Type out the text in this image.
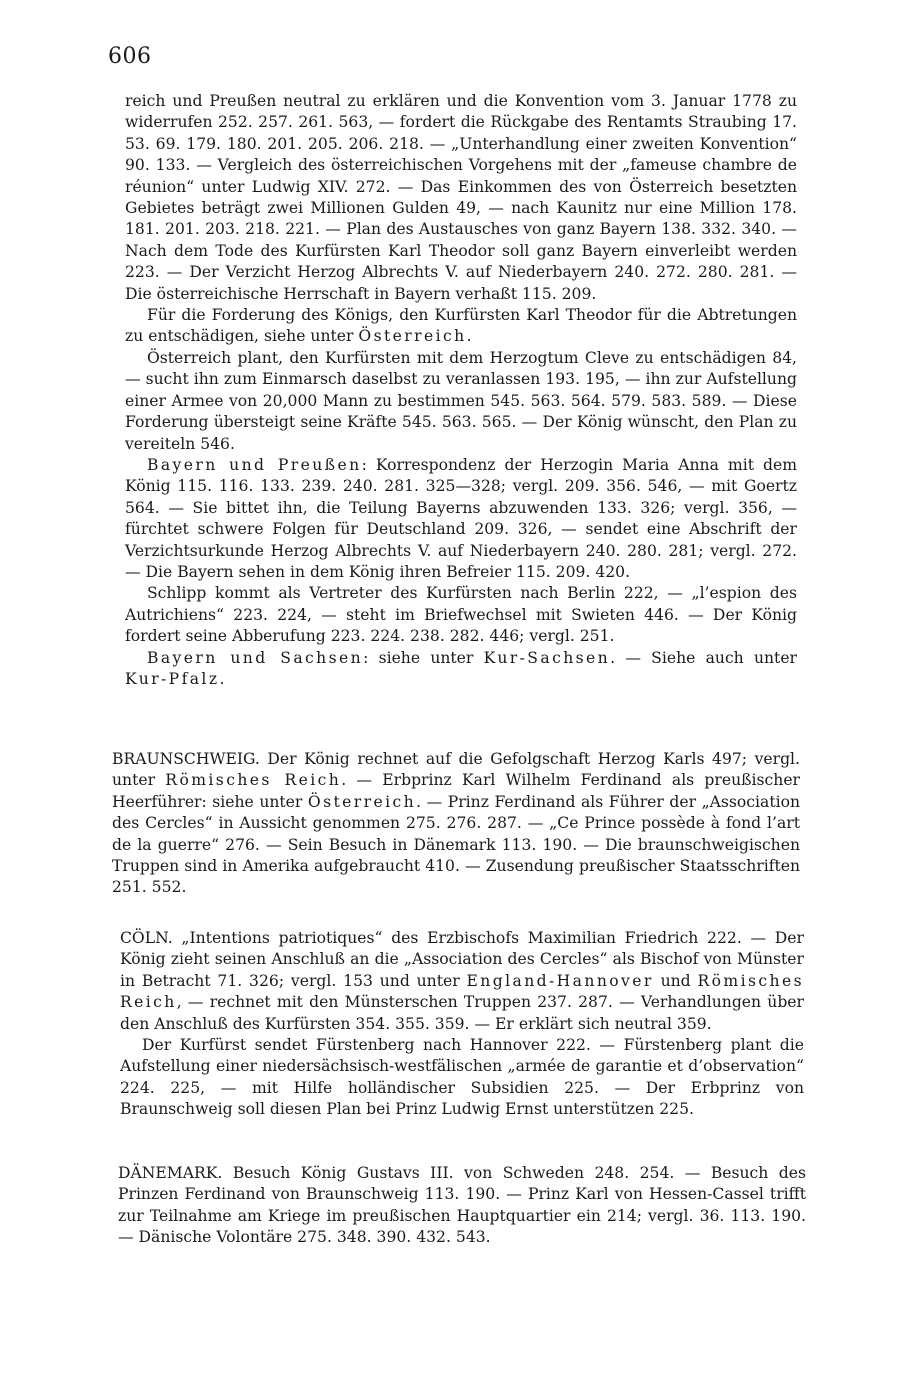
606

reich und Preußen neutral zu erklären und die Konvention vom 3. Januar 1778 zu widerrufen 252. 257. 261. 563, — fordert die Rückgabe des Rentamts Straubing 17. 53. 69. 179. 180. 201. 205. 206. 218. — „Unterhandlung einer zweiten Konvention“ 90. 133. — Vergleich des österreichischen Vorgehens mit der „fameuse chambre de réunion“ unter Ludwig XIV. 272. — Das Einkommen des von Österreich besetzten Gebietes beträgt zwei Millionen Gulden 49, — nach Kaunitz nur eine Million 178. 181. 201. 203. 218. 221. — Plan des Austausches von ganz Bayern 138. 332. 340. — Nach dem Tode des Kurfürsten Karl Theodor soll ganz Bayern einverleibt werden 223. — Der Verzicht Herzog Albrechts V. auf Niederbayern 240. 272. 280. 281. — Die österreichische Herrschaft in Bayern verhaßt 115. 209.

Für die Forderung des Königs, den Kurfürsten Karl Theodor für die Abtretungen zu entschädigen, siehe unter Österreich.

Österreich plant, den Kurfürsten mit dem Herzogtum Cleve zu entschädigen 84, — sucht ihn zum Einmarsch daselbst zu veranlassen 193. 195, — ihn zur Aufstellung einer Armee von 20,000 Mann zu bestimmen 545. 563. 564. 579. 583. 589. — Diese Forderung übersteigt seine Kräfte 545. 563. 565. — Der König wünscht, den Plan zu vereiteln 546.

Bayern und Preußen: Korrespondenz der Herzogin Maria Anna mit dem König 115. 116. 133. 239. 240. 281. 325—328; vergl. 209. 356. 546, — mit Goertz 564. — Sie bittet ihn, die Teilung Bayerns abzuwenden 133. 326; vergl. 356, — fürchtet schwere Folgen für Deutschland 209. 326, — sendet eine Abschrift der Verzichtsurkunde Herzog Albrechts V. auf Niederbayern 240. 280. 281; vergl. 272. — Die Bayern sehen in dem König ihren Befreier 115. 209. 420.

Schlipp kommt als Vertreter des Kurfürsten nach Berlin 222, — „l’espion des Autrichiens“ 223. 224, — steht im Briefwechsel mit Swieten 446. — Der König fordert seine Abberufung 223. 224. 238. 282. 446; vergl. 251.

Bayern und Sachsen: siehe unter Kur-Sachsen. — Siehe auch unter Kur-Pfalz.

BRAUNSCHWEIG. Der König rechnet auf die Gefolgschaft Herzog Karls 497; vergl. unter Römisches Reich. — Erbprinz Karl Wilhelm Ferdinand als preußischer Heerführer: siehe unter Österreich. — Prinz Ferdinand als Führer der „Association des Cercles“ in Aussicht genommen 275. 276. 287. — „Ce Prince possède à fond l’art de la guerre“ 276. — Sein Besuch in Dänemark 113. 190. — Die braunschweigischen Truppen sind in Amerika aufgebraucht 410. — Zusendung preußischer Staatsschriften 251. 552.

CÖLN. „Intentions patriotiques“ des Erzbischofs Maximilian Friedrich 222. — Der König zieht seinen Anschluß an die „Association des Cercles“ als Bischof von Münster in Betracht 71. 326; vergl. 153 und unter England-Hannover und Römisches Reich, — rechnet mit den Münsterschen Truppen 237. 287. — Verhandlungen über den Anschluß des Kurfürsten 354. 355. 359. — Er erklärt sich neutral 359.

Der Kurfürst sendet Fürstenberg nach Hannover 222. — Fürstenberg plant die Aufstellung einer niedersächsisch-westfälischen „armée de garantie et d’observation“ 224. 225, — mit Hilfe holländischer Subsidien 225. — Der Erbprinz von Braunschweig soll diesen Plan bei Prinz Ludwig Ernst unterstützen 225.

DÄNEMARK. Besuch König Gustavs III. von Schweden 248. 254. — Besuch des Prinzen Ferdinand von Braunschweig 113. 190. — Prinz Karl von Hessen-Cassel trifft zur Teilnahme am Kriege im preußischen Hauptquartier ein 214; vergl. 36. 113. 190. — Dänische Volontäre 275. 348. 390. 432. 543.
